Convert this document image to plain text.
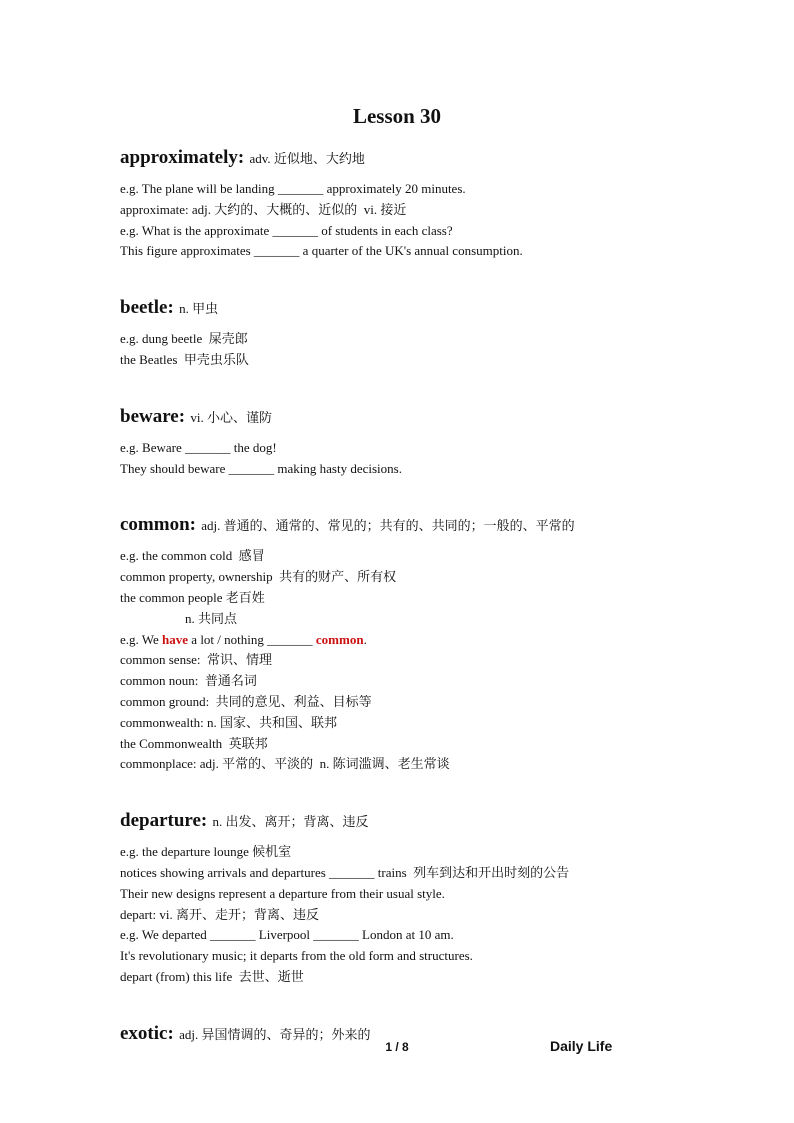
Lesson 30
approximately: adv. 近似地、大约地
e.g. The plane will be landing _______ approximately 20 minutes.
approximate: adj. 大约的、大概的、近似的  vi. 接近
e.g. What is the approximate _______ of students in each class?
This figure approximates _______ a quarter of the UK's annual consumption.
beetle: n. 甲虫
e.g. dung beetle  屎壳郎
the Beatles  甲壳虫乐队
beware: vi. 小心、谨防
e.g. Beware _______ the dog!
They should beware _______ making hasty decisions.
common: adj. 普通的、通常的、常见的；共有的、共同的；一般的、平常的
e.g. the common cold  感冒
common property, ownership  共有的财产、所有权
the common people 老百姓
n. 共同点
e.g. We have a lot / nothing _______ common.
common sense:  常识、情理
common noun:  普通名词
common ground:  共同的意见、利益、目标等
commonwealth: n. 国家、共和国、联邦
the Commonwealth  英联邦
commonplace: adj. 平常的、平淡的  n. 陈词滥调、老生常谈
departure: n. 出发、离开；背离、违反
e.g. the departure lounge 候机室
notices showing arrivals and departures _______ trains  列车到达和开出时刻的公告
Their new designs represent a departure from their usual style.
depart: vi. 离开、走开；背离、违反
e.g. We departed _______ Liverpool _______ London at 10 am.
It's revolutionary music; it departs from the old form and structures.
depart (from) this life  去世、逝世
exotic: adj. 异国情调的、奇异的；外来的
1 / 8	Daily Life
